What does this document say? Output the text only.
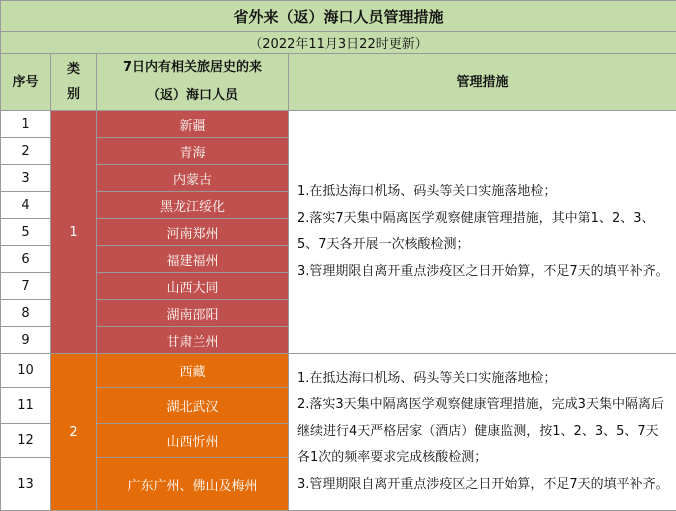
省外来（返）海口人员管理措施			
（2022年11月3日22时更新）			
序号	类别	7日内有相关旅居史的来（返）海口人员	管理措施
1	1	新疆	1.在抵达海口机场、码头等关口实施落地检；

2.落实7天集中隔离医学观察健康管理措施，其中第1、2、3、5、7天各开展一次核酸检测；

3.管理期限自离开重点涉疫区之日开始算，不足7天的填平补齐。

2		青海	
3		内蒙古	
4		黑龙江绥化	
5		河南郑州	
6		福建福州	
7		山西大同	
8		湖南邵阳	
9		甘肃兰州	
10	2	西藏	1.在抵达海口机场、码头等关口实施落地检；

2.落实3天集中隔离医学观察健康管理措施，完成3天集中隔离后继续进行4天严格居家（酒店）健康监测，按1、2、3、5、7天各1次的频率要求完成核酸检测；

3.管理期限自离开重点涉疫区之日开始算，不足7天的填平补齐。

11		湖北武汉	
12		山西忻州	
13		广东广州、佛山及梅州	
